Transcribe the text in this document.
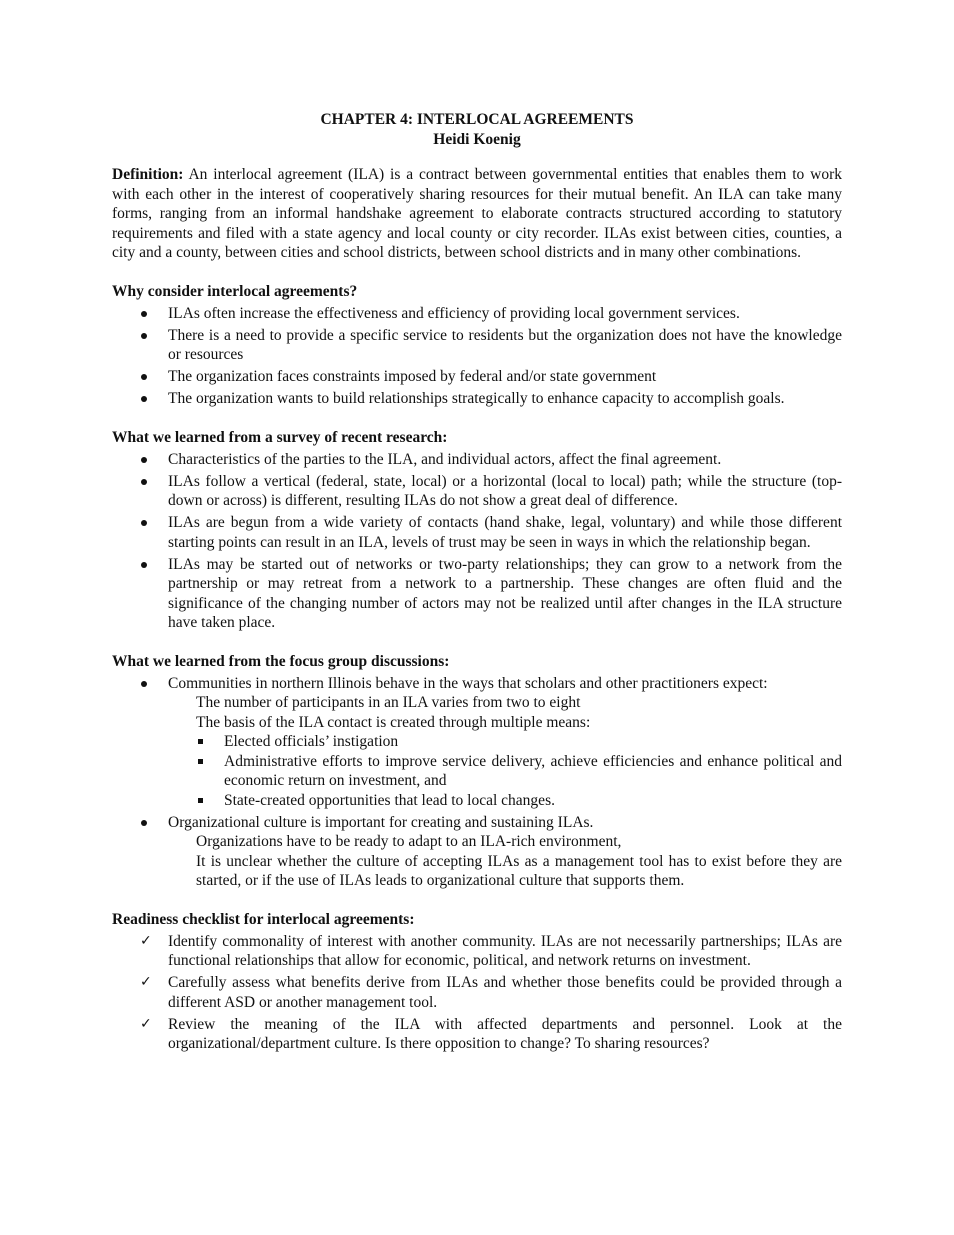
CHAPTER 4: INTERLOCAL AGREEMENTS
Heidi Koenig
Definition: An interlocal agreement (ILA) is a contract between governmental entities that enables them to work with each other in the interest of cooperatively sharing resources for their mutual benefit. An ILA can take many forms, ranging from an informal handshake agreement to elaborate contracts structured according to statutory requirements and filed with a state agency and local county or city recorder. ILAs exist between cities, counties, a city and a county, between cities and school districts, between school districts and in many other combinations.
Why consider interlocal agreements?
ILAs often increase the effectiveness and efficiency of providing local government services.
There is a need to provide a specific service to residents but the organization does not have the knowledge or resources
The organization faces constraints imposed by federal and/or state government
The organization wants to build relationships strategically to enhance capacity to accomplish goals.
What we learned from a survey of recent research:
Characteristics of the parties to the ILA, and individual actors, affect the final agreement.
ILAs follow a vertical (federal, state, local) or a horizontal (local to local) path; while the structure (top-down or across) is different, resulting ILAs do not show a great deal of difference.
ILAs are begun from a wide variety of contacts (hand shake, legal, voluntary) and while those different starting points can result in an ILA, levels of trust may be seen in ways in which the relationship began.
ILAs may be started out of networks or two-party relationships; they can grow to a network from the partnership or may retreat from a network to a partnership. These changes are often fluid and the significance of the changing number of actors may not be realized until after changes in the ILA structure have taken place.
What we learned from the focus group discussions:
Communities in northern Illinois behave in the ways that scholars and other practitioners expect:
The number of participants in an ILA varies from two to eight
The basis of the ILA contact is created through multiple means:
Elected officials’ instigation
Administrative efforts to improve service delivery, achieve efficiencies and enhance political and economic return on investment, and
State-created opportunities that lead to local changes.
Organizational culture is important for creating and sustaining ILAs.
Organizations have to be ready to adapt to an ILA-rich environment,
It is unclear whether the culture of accepting ILAs as a management tool has to exist before they are started, or if the use of ILAs leads to organizational culture that supports them.
Readiness checklist for interlocal agreements:
✓	Identify commonality of interest with another community. ILAs are not necessarily partnerships; ILAs are functional relationships that allow for economic, political, and network returns on investment.
✓	Carefully assess what benefits derive from ILAs and whether those benefits could be provided through a different ASD or another management tool.
✓	Review the meaning of the ILA with affected departments and personnel. Look at the organizational/department culture. Is there opposition to change? To sharing resources?
